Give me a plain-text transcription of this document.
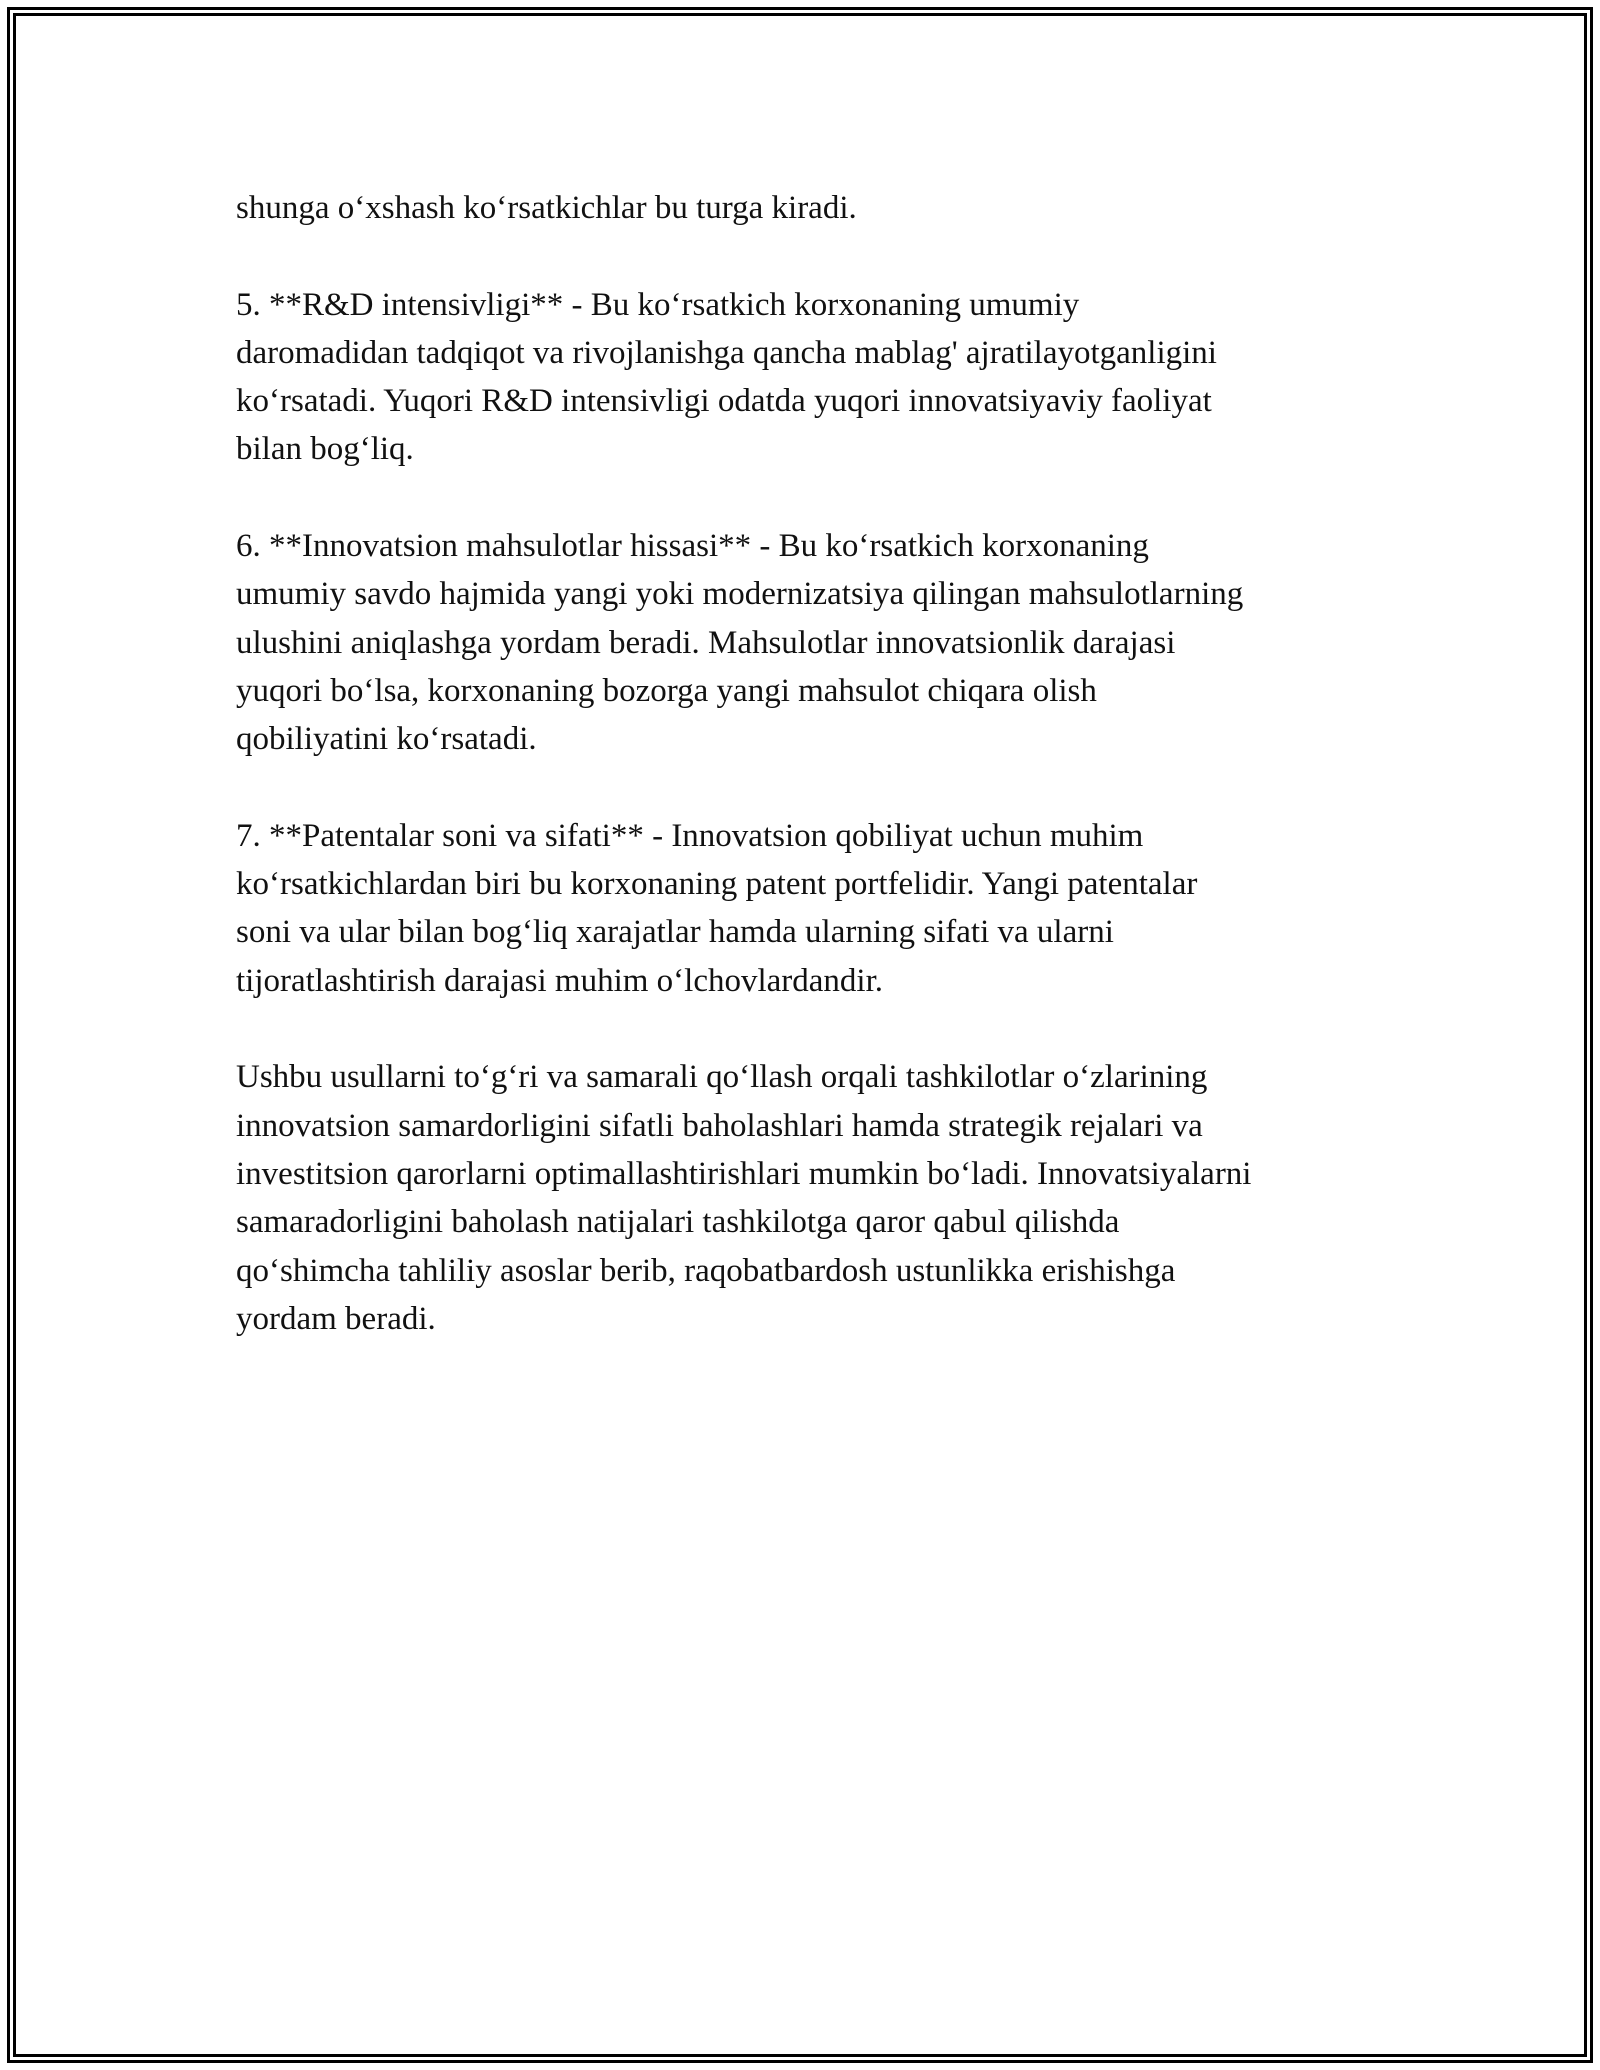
shunga o‘xshash ko‘rsatkichlar bu turga kiradi.

5. **R&D intensivligi** - Bu ko‘rsatkich korxonaning umumiy
daromadidan tadqiqot va rivojlanishga qancha mablag' ajratilayotganligini
ko‘rsatadi. Yuqori R&D intensivligi odatda yuqori innovatsiyaviy faoliyat
bilan bog‘liq.

6. **Innovatsion mahsulotlar hissasi** - Bu ko‘rsatkich korxonaning
umumiy savdo hajmida yangi yoki modernizatsiya qilingan mahsulotlarning
ulushini aniqlashga yordam beradi. Mahsulotlar innovatsionlik darajasi
yuqori bo‘lsa, korxonaning bozorga yangi mahsulot chiqara olish
qobiliyatini ko‘rsatadi.

7. **Patentalar soni va sifati** - Innovatsion qobiliyat uchun muhim
ko‘rsatkichlardan biri bu korxonaning patent portfelidir. Yangi patentalar
soni va ular bilan bog‘liq xarajatlar hamda ularning sifati va ularni
tijoratlashtirish darajasi muhim o‘lchovlardandir.

Ushbu usullarni to‘g‘ri va samarali qo‘llash orqali tashkilotlar o‘zlarining
innovatsion samardorligini sifatli baholashlari hamda strategik rejalari va
investitsion qarorlarni optimallashtirishlari mumkin bo‘ladi. Innovatsiyalarni
samaradorligini baholash natijalari tashkilotga qaror qabul qilishda
qo‘shimcha tahliliy asoslar berib, raqobatbardosh ustunlikka erishishga
yordam beradi.
